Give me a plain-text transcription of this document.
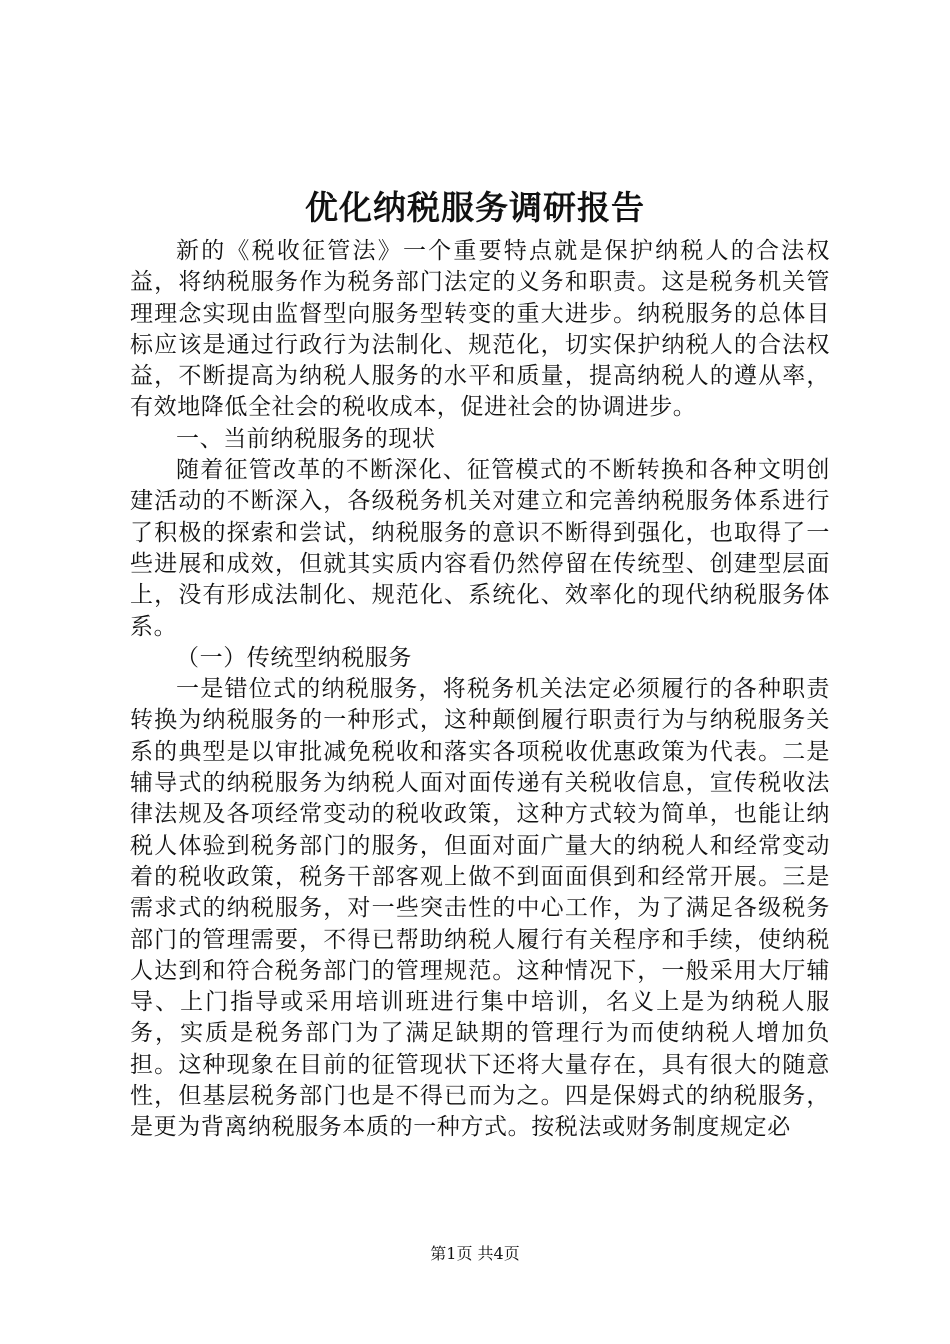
优化纳税服务调研报告

新的《税收征管法》一个重要特点就是保护纳税人的合法权益，将纳税服务作为税务部门法定的义务和职责。这是税务机关管理理念实现由监督型向服务型转变的重大进步。纳税服务的总体目标应该是通过行政行为法制化、规范化，切实保护纳税人的合法权益，不断提高为纳税人服务的水平和质量，提高纳税人的遵从率，有效地降低全社会的税收成本，促进社会的协调进步。

一、当前纳税服务的现状

随着征管改革的不断深化、征管模式的不断转换和各种文明创建活动的不断深入，各级税务机关对建立和完善纳税服务体系进行了积极的探索和尝试，纳税服务的意识不断得到强化，也取得了一些进展和成效，但就其实质内容看仍然停留在传统型、创建型层面上，没有形成法制化、规范化、系统化、效率化的现代纳税服务体系。

（一）传统型纳税服务

一是错位式的纳税服务，将税务机关法定必须履行的各种职责转换为纳税服务的一种形式，这种颠倒履行职责行为与纳税服务关系的典型是以审批减免税收和落实各项税收优惠政策为代表。二是辅导式的纳税服务为纳税人面对面传递有关税收信息，宣传税收法律法规及各项经常变动的税收政策，这种方式较为简单，也能让纳税人体验到税务部门的服务，但面对面广量大的纳税人和经常变动着的税收政策，税务干部客观上做不到面面俱到和经常开展。三是需求式的纳税服务，对一些突击性的中心工作，为了满足各级税务部门的管理需要，不得已帮助纳税人履行有关程序和手续，使纳税人达到和符合税务部门的管理规范。这种情况下，一般采用大厅辅导、上门指导或采用培训班进行集中培训，名义上是为纳税人服务，实质是税务部门为了满足缺期的管理行为而使纳税人增加负担。这种现象在目前的征管现状下还将大量存在，具有很大的随意性，但基层税务部门也是不得已而为之。四是保姆式的纳税服务，是更为背离纳税服务本质的一种方式。按税法或财务制度规定必

第1页 共4页
